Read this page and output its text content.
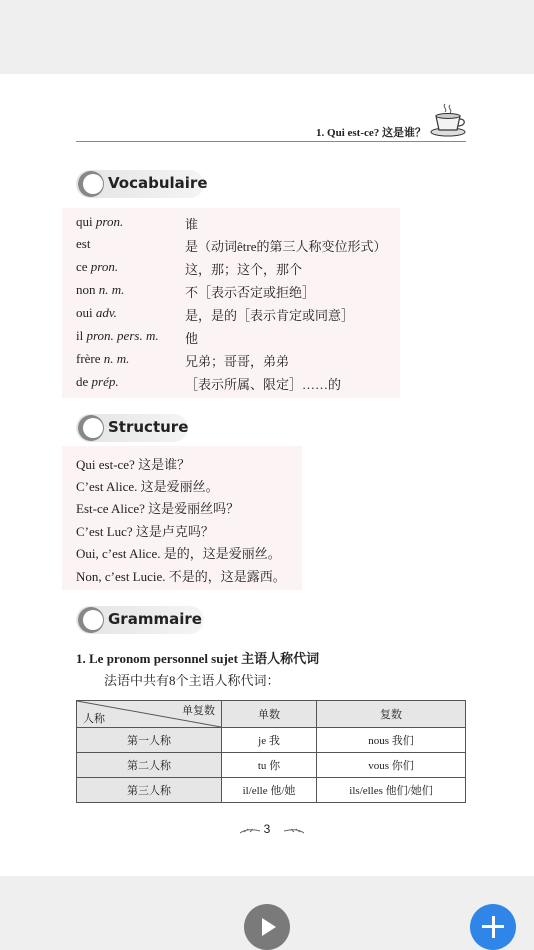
1. Qui est-ce? 这是谁？
Vocabulaire
qui pron.	谁
est	是（动词être的第三人称变位形式）
ce pron.	这，那；这个，那个
non n. m.	不［表示否定或拒绝］
oui adv.	是，是的［表示肯定或同意］
il pron. pers. m. 他
frère n. m.	兄弟；哥哥，弟弟
de prép.	［表示所属、限定］……的
Structure
Qui est-ce? 这是谁？
C’est Alice. 这是爱丽丝。
Est-ce Alice? 这是爱丽丝吗？
C’est Luc? 这是卢克吗？
Oui, c’est Alice. 是的，这是爱丽丝。
Non, c’est Lucie. 不是的，这是露西。
Grammaire
1. Le pronom personnel sujet 主语人称代词
法语中共有8个主语人称代词：
单复数
人称	单数	复数
第一人称	je 我	nous 我们
第二人称	tu 你	vous 你们
第三人称	il/elle 他/她	ils/elles 他们/她们
3
